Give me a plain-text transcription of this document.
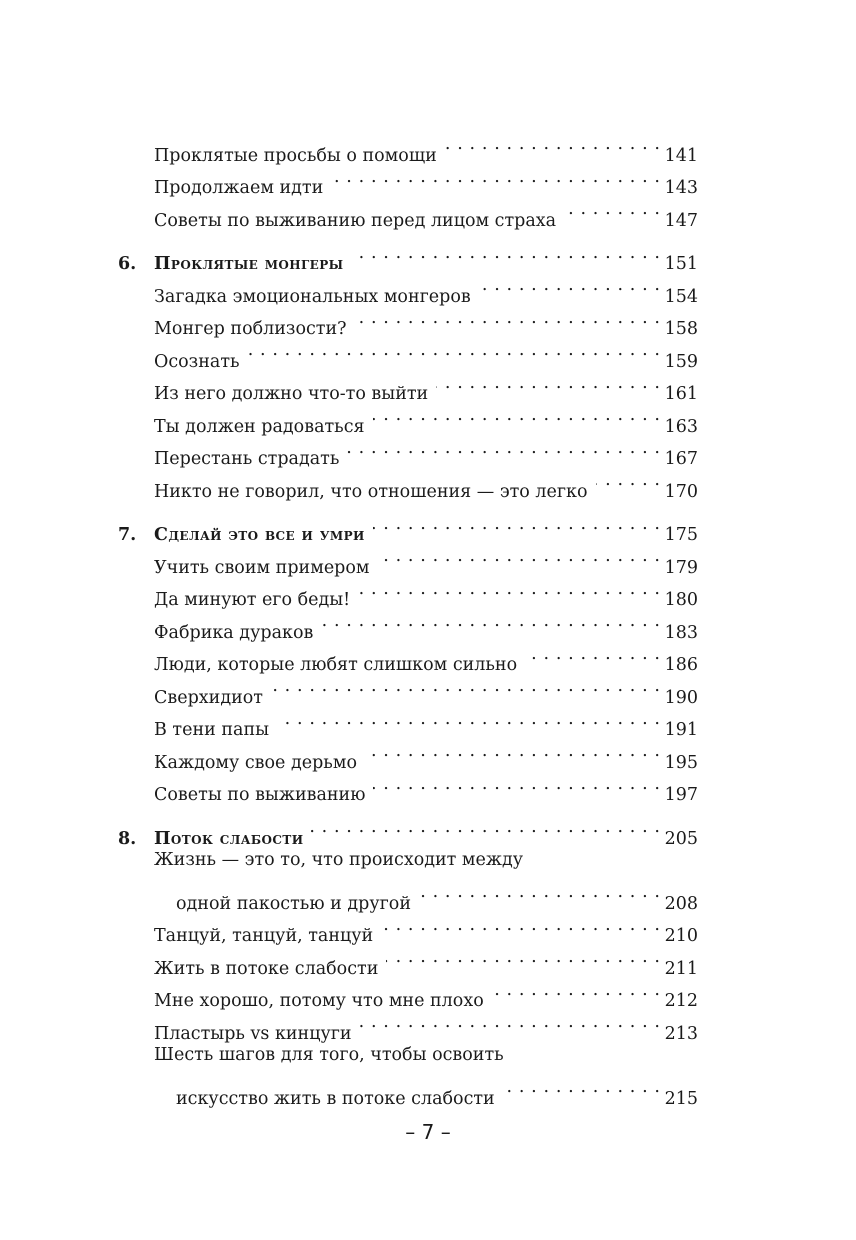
Проклятые просьбы о помощи . . .	141
Продолжаем идти . . .	143
Советы по выживанию перед лицом страха . . .	147
6.	Проклятые монгеры . . .	151
Загадка эмоциональных монгеров . . .	154
Монгер поблизости? . . .	158
Осознать . . .	159
Из него должно что-то выйти . . .	161
Ты должен радоваться . . .	163
Перестань страдать . . .	167
Никто не говорил, что отношения — это легко . . .	170
7.	Сделай это все и умри . . .	175
Учить своим примером . . .	179
Да минуют его беды! . . .	180
Фабрика дураков . . .	183
Люди, которые любят слишком сильно . . .	186
Сверхидиот . . .	190
В тени папы . . .	191
Каждому свое дерьмо . . .	195
Советы по выживанию . . .	197
8.	Поток слабости . . .	205
Жизнь — это то, что происходит между
одной пакостью и другой . . .	208
Танцуй, танцуй, танцуй . . .	210
Жить в потоке слабости . . .	211
Мне хорошо, потому что мне плохо . . .	212
Пластырь vs кинцуги . . .	213
Шесть шагов для того, чтобы освоить
искусство жить в потоке слабости . . .	215
– 7 –
